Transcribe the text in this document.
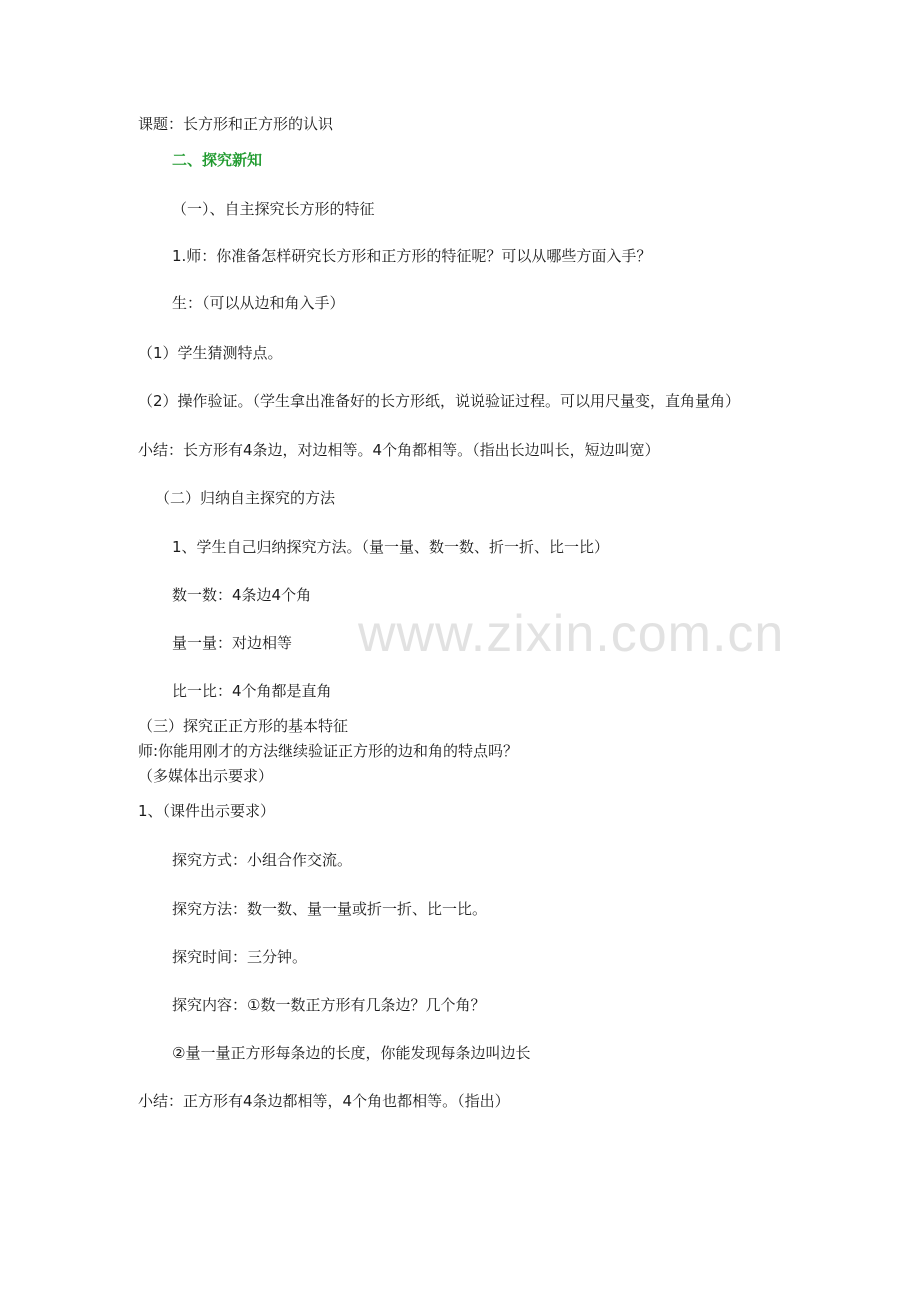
课题：长方形和正方形的认识
二、探究新知
（一）、自主探究长方形的特征
1.师：你准备怎样研究长方形和正方形的特征呢？可以从哪些方面入手？
生：（可以从边和角入手）
（1）学生猜测特点。
（2）操作验证。（学生拿出准备好的长方形纸，说说验证过程。可以用尺量变，直角量角）
小结：长方形有4条边，对边相等。4个角都相等。（指出长边叫长，短边叫宽）
（二）归纳自主探究的方法
1、学生自己归纳探究方法。（量一量、数一数、折一折、比一比）
数一数：4条边4个角
量一量：对边相等
比一比：4个角都是直角
（三）探究正正方形的基本特征
师:你能用刚才的方法继续验证正方形的边和角的特点吗？
（多媒体出示要求）
1、（课件出示要求）
探究方式：小组合作交流。
探究方法：数一数、量一量或折一折、比一比。
探究时间：三分钟。
探究内容：①数一数正方形有几条边？几个角？
②量一量正方形每条边的长度，你能发现每条边叫边长
小结：正方形有4条边都相等，4个角也都相等。（指出）
www.zixin.com.cn
